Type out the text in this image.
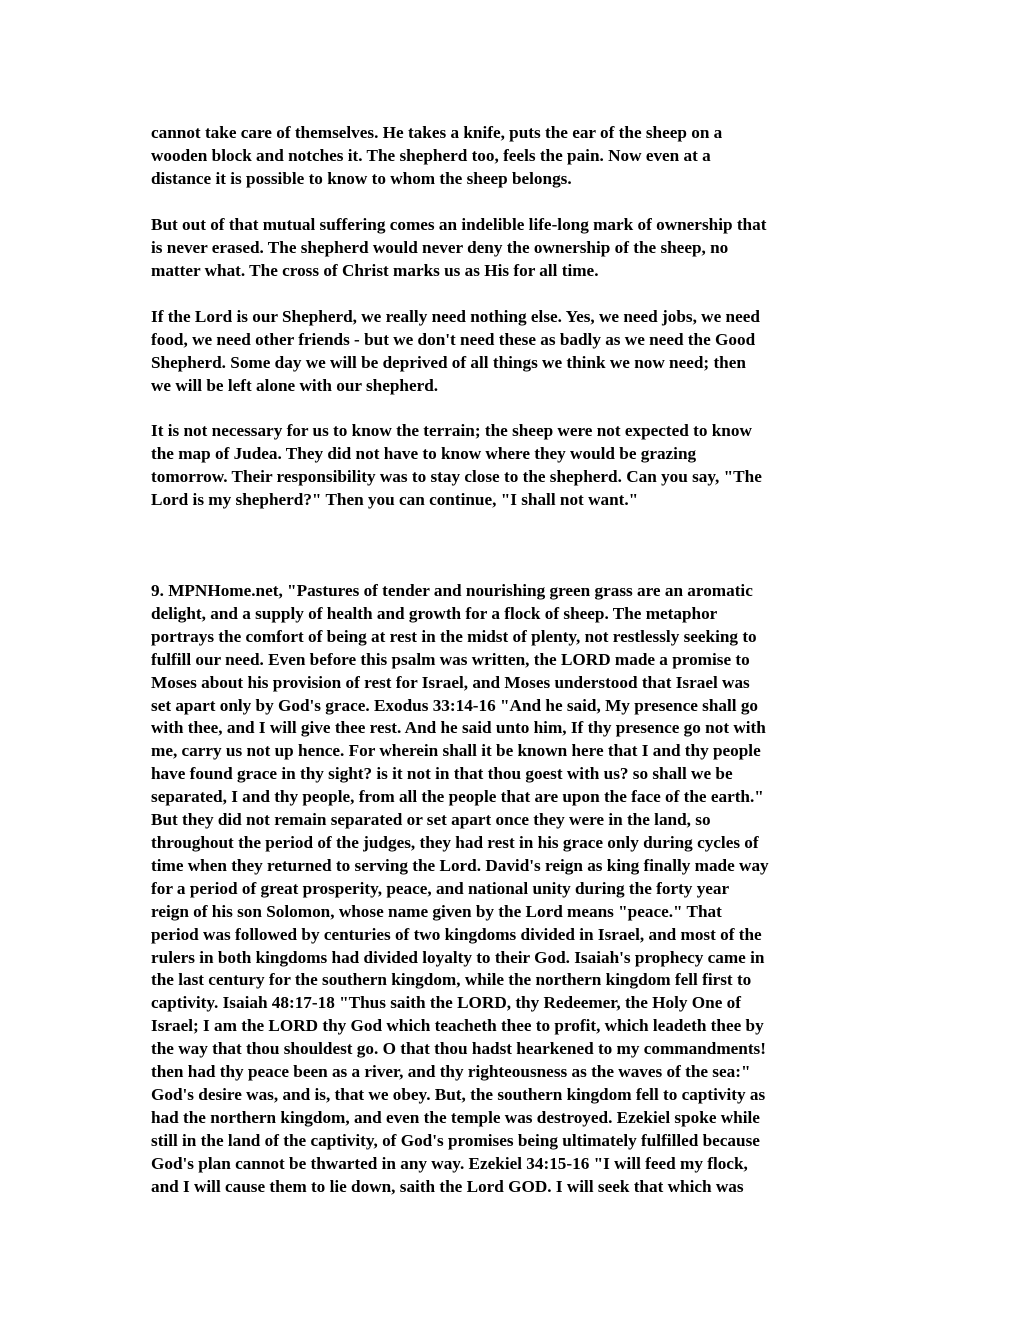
cannot take care of themselves. He takes a knife, puts the ear of the sheep on a
wooden block and notches it. The shepherd too, feels the pain. Now even at a
distance it is possible to know to whom the sheep belongs.

But out of that mutual suffering comes an indelible life-long mark of ownership that
is never erased. The shepherd would never deny the ownership of the sheep, no
matter what. The cross of Christ marks us as His for all time.

If the Lord is our Shepherd, we really need nothing else. Yes, we need jobs, we need
food, we need other friends - but we don't need these as badly as we need the Good
Shepherd. Some day we will be deprived of all things we think we now need; then
we will be left alone with our shepherd.

It is not necessary for us to know the terrain; the sheep were not expected to know
the map of Judea. They did not have to know where they would be grazing
tomorrow. Their responsibility was to stay close to the shepherd. Can you say, "The
Lord is my shepherd?" Then you can continue, "I shall not want."

9. MPNHome.net, "Pastures of tender and nourishing green grass are an aromatic
delight, and a supply of health and growth for a flock of sheep. The metaphor
portrays the comfort of being at rest in the midst of plenty, not restlessly seeking to
fulfill our need. Even before this psalm was written, the LORD made a promise to
Moses about his provision of rest for Israel, and Moses understood that Israel was
set apart only by God's grace. Exodus 33:14-16 "And he said, My presence shall go
with thee, and I will give thee rest. And he said unto him, If thy presence go not with
me, carry us not up hence. For wherein shall it be known here that I and thy people
have found grace in thy sight? is it not in that thou goest with us? so shall we be
separated, I and thy people, from all the people that are upon the face of the earth."
But they did not remain separated or set apart once they were in the land, so
throughout the period of the judges, they had rest in his grace only during cycles of
time when they returned to serving the Lord. David's reign as king finally made way
for a period of great prosperity, peace, and national unity during the forty year
reign of his son Solomon, whose name given by the Lord means "peace." That
period was followed by centuries of two kingdoms divided in Israel, and most of the
rulers in both kingdoms had divided loyalty to their God. Isaiah's prophecy came in
the last century for the southern kingdom, while the northern kingdom fell first to
captivity. Isaiah 48:17-18 "Thus saith the LORD, thy Redeemer, the Holy One of
Israel; I am the LORD thy God which teacheth thee to profit, which leadeth thee by
the way that thou shouldest go. O that thou hadst hearkened to my commandments!
then had thy peace been as a river, and thy righteousness as the waves of the sea:"
God's desire was, and is, that we obey. But, the southern kingdom fell to captivity as
had the northern kingdom, and even the temple was destroyed. Ezekiel spoke while
still in the land of the captivity, of God's promises being ultimately fulfilled because
God's plan cannot be thwarted in any way. Ezekiel 34:15-16 "I will feed my flock,
and I will cause them to lie down, saith the Lord GOD. I will seek that which was
